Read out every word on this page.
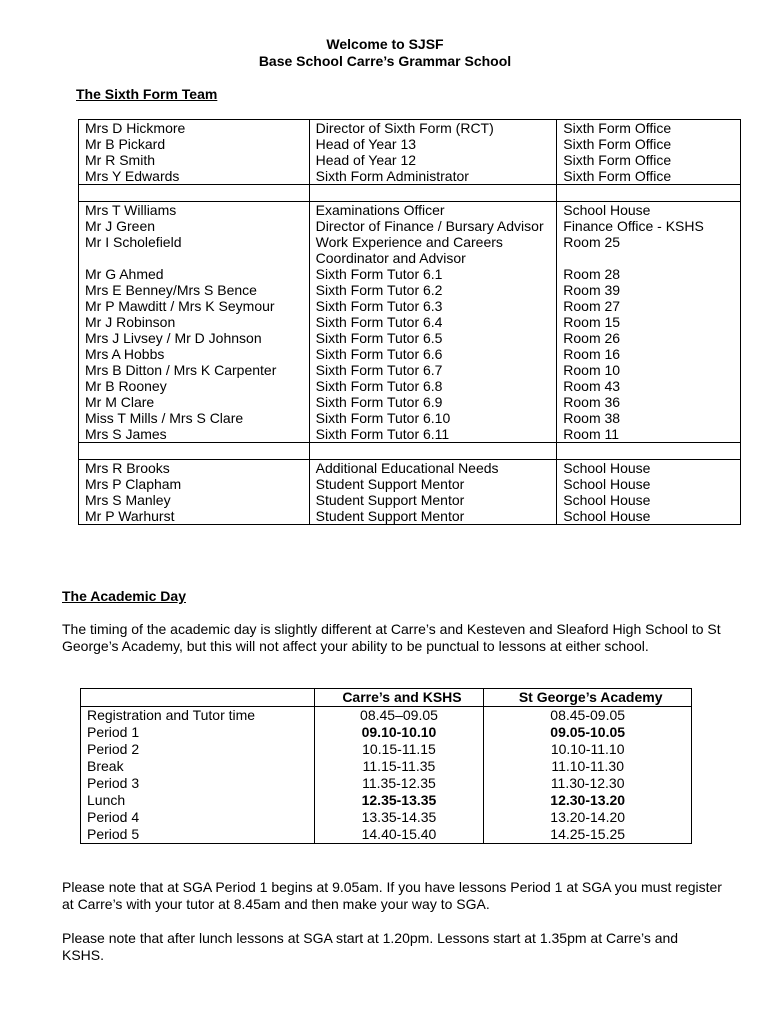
Welcome to SJSF
Base School Carre’s Grammar School
The Sixth Form Team
Mrs D Hickmore	Director of Sixth Form (RCT)	Sixth Form Office
Mr B Pickard	Head of Year 13	Sixth Form Office
Mr R Smith	Head of Year 12	Sixth Form Office
Mrs Y Edwards	Sixth Form Administrator	Sixth Form Office

Mrs T Williams	Examinations Officer	School House
Mr J Green	Director of Finance / Bursary Advisor	Finance Office - KSHS
Mr I Scholefield	Work Experience and Careers Coordinator and Advisor	Room 25
Mr G Ahmed	Sixth Form Tutor 6.1	Room 28
Mrs E Benney/Mrs S Bence	Sixth Form Tutor 6.2	Room 39
Mr P Mawditt / Mrs K Seymour	Sixth Form Tutor 6.3	Room 27
Mr J Robinson	Sixth Form Tutor 6.4	Room 15
Mrs J Livsey / Mr D Johnson	Sixth Form Tutor 6.5	Room 26
Mrs A Hobbs	Sixth Form Tutor 6.6	Room 16
Mrs B Ditton / Mrs K Carpenter	Sixth Form Tutor 6.7	Room 10
Mr B Rooney	Sixth Form Tutor 6.8	Room 43
Mr M Clare	Sixth Form Tutor 6.9	Room 36
Miss T Mills / Mrs S Clare	Sixth Form Tutor 6.10	Room 38
Mrs S James	Sixth Form Tutor 6.11	Room 11

Mrs R Brooks	Additional Educational Needs	School House
Mrs P Clapham	Student Support Mentor	School House
Mrs S Manley	Student Support Mentor	School House
Mr P Warhurst	Student Support Mentor	School House
The Academic Day
The timing of the academic day is slightly different at Carre’s and Kesteven and Sleaford High School to St George’s Academy, but this will not affect your ability to be punctual to lessons at either school.
	Carre’s and KSHS	St George’s Academy
Registration and Tutor time	08.45–09.05	08.45-09.05
Period 1	09.10-10.10	09.05-10.05
Period 2	10.15-11.15	10.10-11.10
Break	11.15-11.35	11.10-11.30
Period 3	11.35-12.35	11.30-12.30
Lunch	12.35-13.35	12.30-13.20
Period 4	13.35-14.35	13.20-14.20
Period 5	14.40-15.40	14.25-15.25
Please note that at SGA Period 1 begins at 9.05am. If you have lessons Period 1 at SGA you must register at Carre’s with your tutor at 8.45am and then make your way to SGA.
Please note that after lunch lessons at SGA start at 1.20pm. Lessons start at 1.35pm at Carre’s and KSHS.
